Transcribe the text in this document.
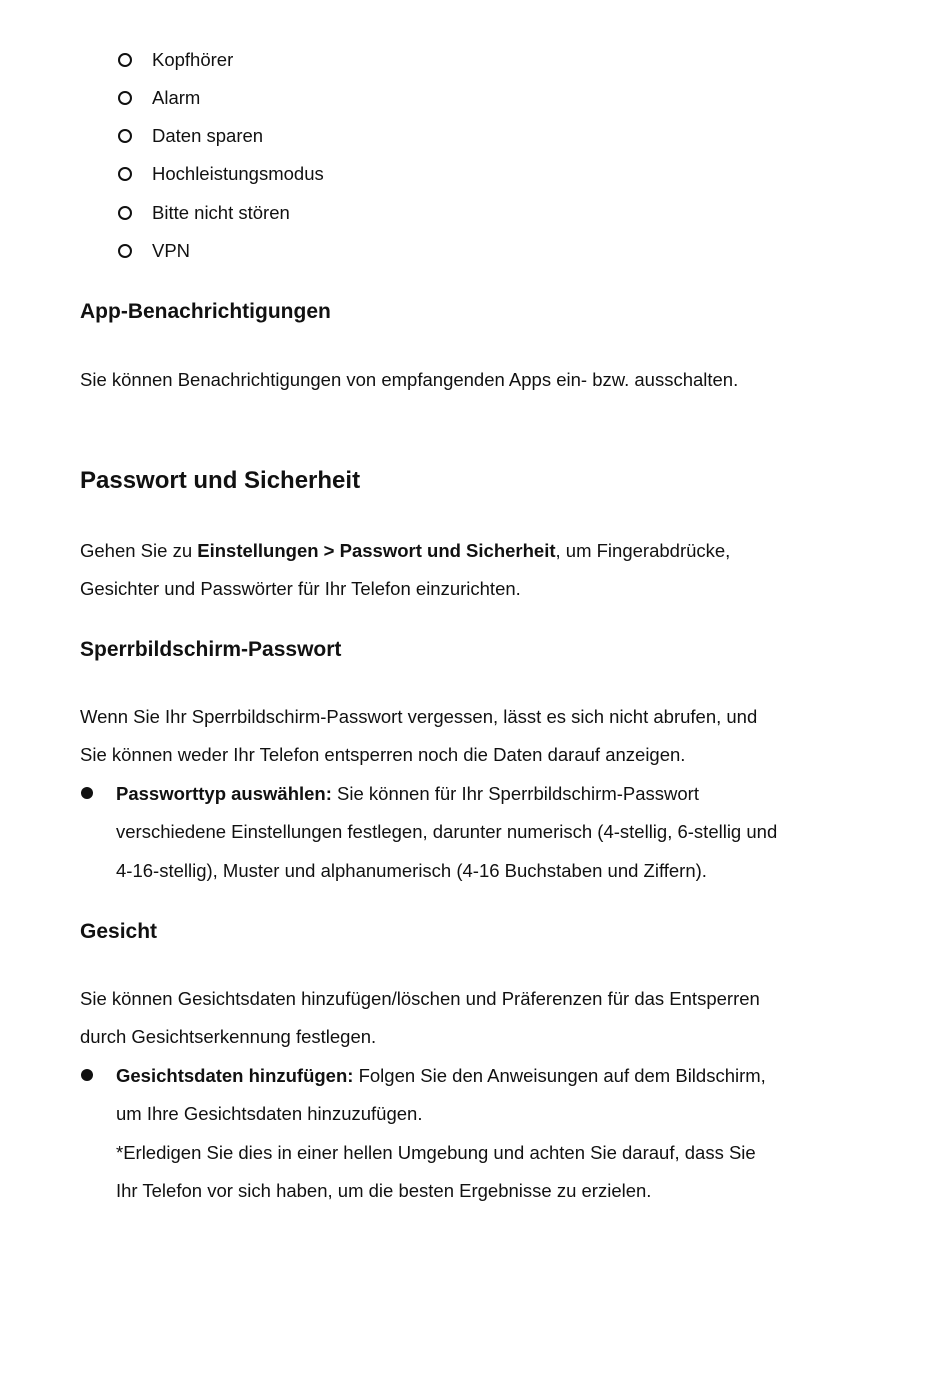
Kopfhörer
Alarm
Daten sparen
Hochleistungsmodus
Bitte nicht stören
VPN
App-Benachrichtigungen
Sie können Benachrichtigungen von empfangenden Apps ein- bzw. ausschalten.
Passwort und Sicherheit
Gehen Sie zu Einstellungen > Passwort und Sicherheit, um Fingerabdrücke,
Gesichter und Passwörter für Ihr Telefon einzurichten.
Sperrbildschirm-Passwort
Wenn Sie Ihr Sperrbildschirm-Passwort vergessen, lässt es sich nicht abrufen, und
Sie können weder Ihr Telefon entsperren noch die Daten darauf anzeigen.
Passworttyp auswählen: Sie können für Ihr Sperrbildschirm-Passwort
verschiedene Einstellungen festlegen, darunter numerisch (4-stellig, 6-stellig und
4-16-stellig), Muster und alphanumerisch (4-16 Buchstaben und Ziffern).
Gesicht
Sie können Gesichtsdaten hinzufügen/löschen und Präferenzen für das Entsperren
durch Gesichtserkennung festlegen.
Gesichtsdaten hinzufügen: Folgen Sie den Anweisungen auf dem Bildschirm,
um Ihre Gesichtsdaten hinzuzufügen.
*Erledigen Sie dies in einer hellen Umgebung und achten Sie darauf, dass Sie
Ihr Telefon vor sich haben, um die besten Ergebnisse zu erzielen.
